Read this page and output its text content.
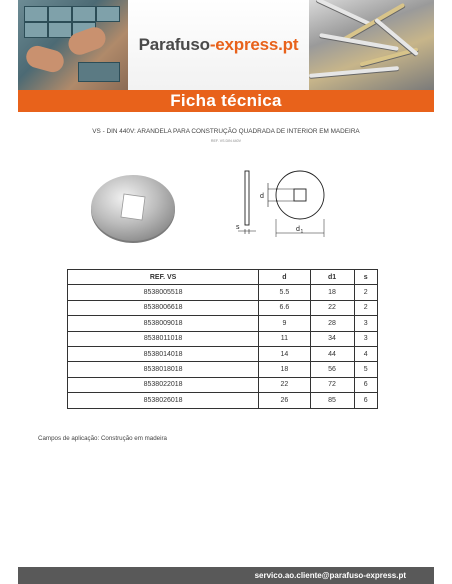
Parafuso-express.pt
Ficha técnica
VS - DIN 440V: ARANDELA PARA CONSTRUÇÃO QUADRADA DE INTERIOR EM MADEIRA
REF. VS DIN 440V
s
d
d 1
REF. VS	d	d1	s
8538005518	5.5	18	2
8538006618	6.6	22	2
8538009018	9	28	3
8538011018	11	34	3
8538014018	14	44	4
8538018018	18	56	5
8538022018	22	72	6
8538026018	26	85	6
Campos de aplicação: Construção em madeira
servico.ao.cliente@parafuso-express.pt
